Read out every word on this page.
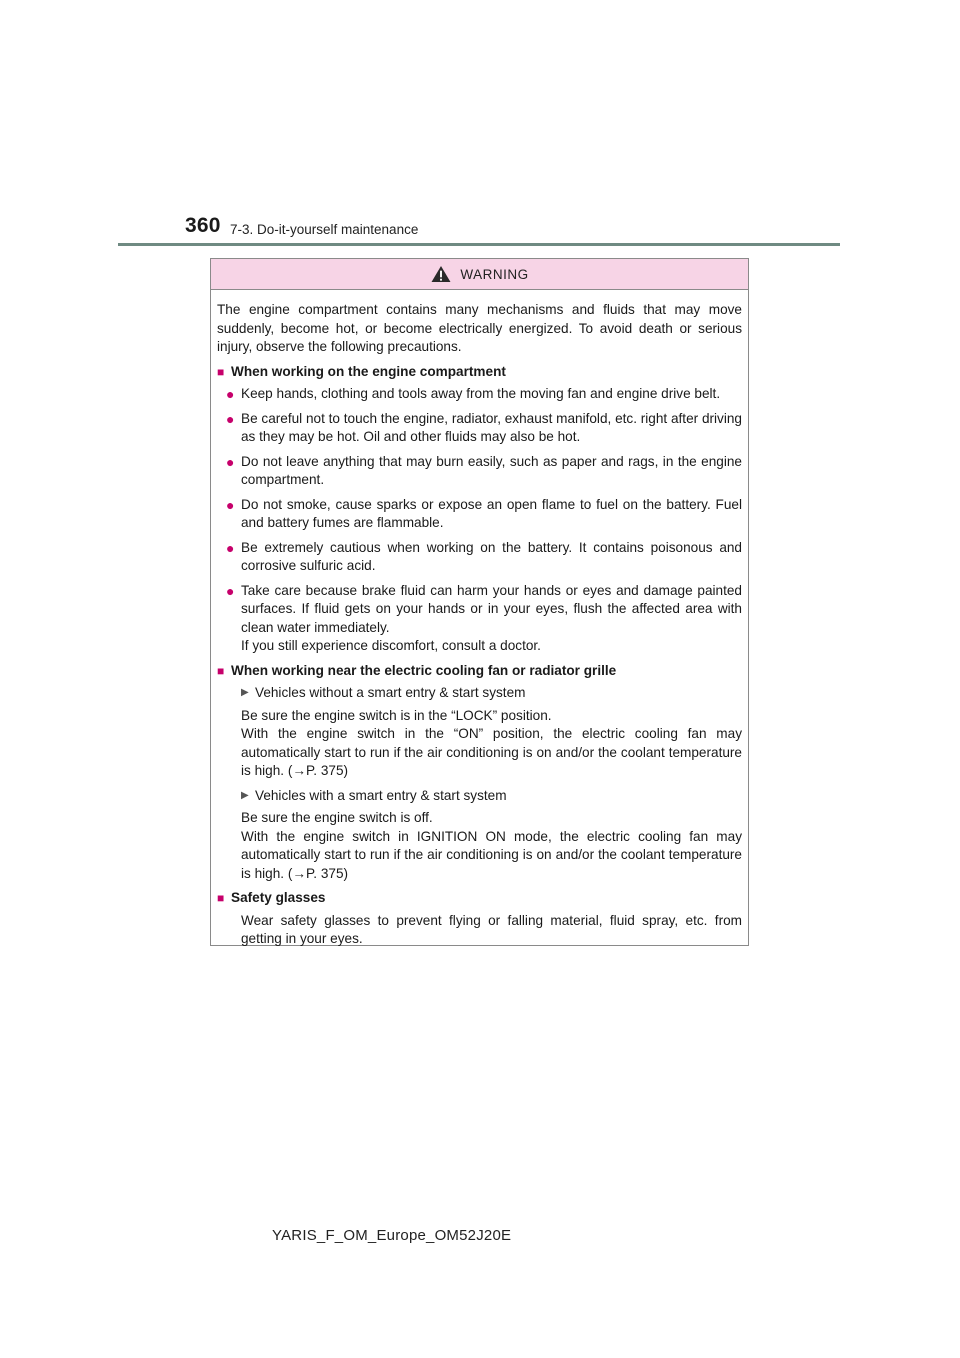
360 7-3. Do-it-yourself maintenance
WARNING

The engine compartment contains many mechanisms and fluids that may move suddenly, become hot, or become electrically energized. To avoid death or serious injury, observe the following precautions.

■ When working on the engine compartment
● Keep hands, clothing and tools away from the moving fan and engine drive belt.
● Be careful not to touch the engine, radiator, exhaust manifold, etc. right after driving as they may be hot. Oil and other fluids may also be hot.
● Do not leave anything that may burn easily, such as paper and rags, in the engine compartment.
● Do not smoke, cause sparks or expose an open flame to fuel on the battery. Fuel and battery fumes are flammable.
● Be extremely cautious when working on the battery. It contains poisonous and corrosive sulfuric acid.
● Take care because brake fluid can harm your hands or eyes and damage painted surfaces. If fluid gets on your hands or in your eyes, flush the affected area with clean water immediately.
If you still experience discomfort, consult a doctor.
■ When working near the electric cooling fan or radiator grille
▶ Vehicles without a smart entry & start system
Be sure the engine switch is in the “LOCK” position.
With the engine switch in the “ON” position, the electric cooling fan may automatically start to run if the air conditioning is on and/or the coolant temperature is high. (→P. 375)
▶ Vehicles with a smart entry & start system
Be sure the engine switch is off.
With the engine switch in IGNITION ON mode, the electric cooling fan may automatically start to run if the air conditioning is on and/or the coolant temperature is high. (→P. 375)
■ Safety glasses
Wear safety glasses to prevent flying or falling material, fluid spray, etc. from getting in your eyes.
YARIS_F_OM_Europe_OM52J20E
